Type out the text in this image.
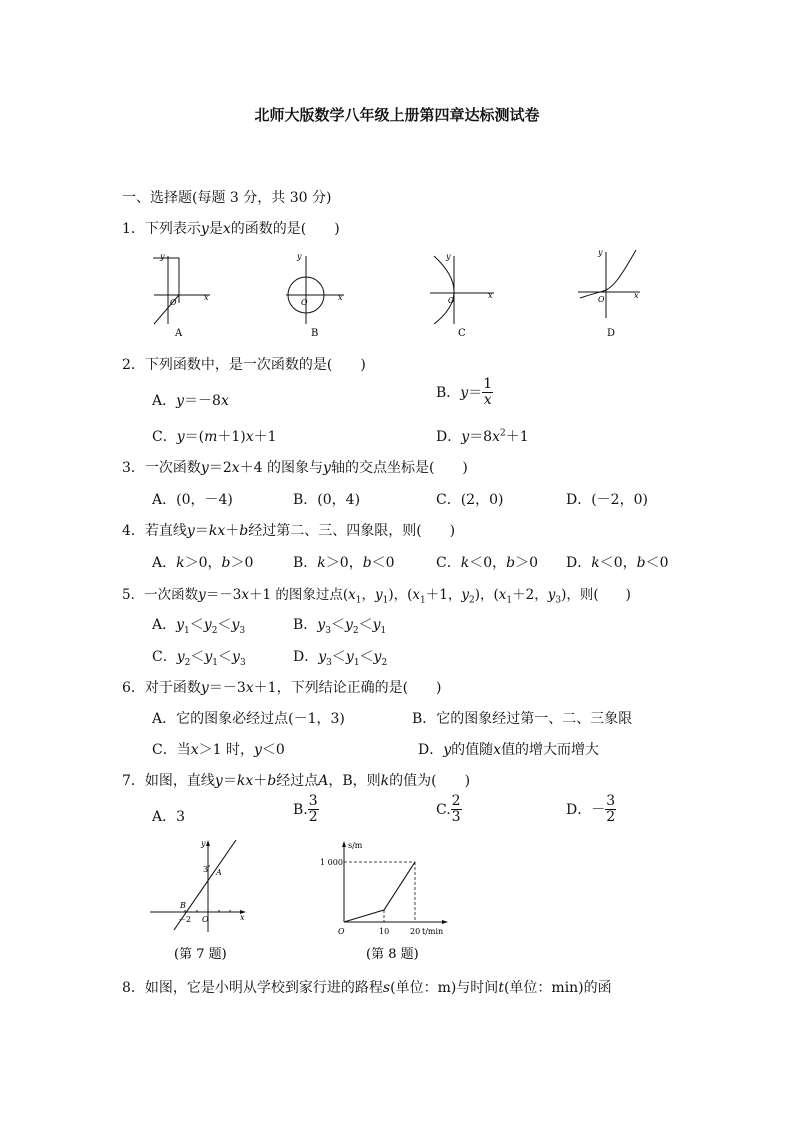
北师大版数学八年级上册第四章达标测试卷
一、选择题(每题 3 分，共 30 分)
1．下列表示y是x的函数的是(　　)
y
O
x
A
y
O
x
B
y
O
x
C
y
O	x
D
2．下列函数中，是一次函数的是(　　)
A．y＝－8x
B．$y= \frac{1}{x}$
C．y＝(m＋1)x＋1	D．$y=8x^2+1$
3．一次函数y＝2x＋4 的图象与y轴的交点坐标是(　　)
A．(0，－4)	B．(0，4)	C．(2，0)	D．(－2，0)
4．若直线y＝kx＋b经过第二、三、四象限，则(　　)
A．k＞0，b＞0	B．k＞0，b＜0	C．k＜0，b＞0 D．k＜0，b＜0
5．一次函数y＝－3x＋1 的图象过点($x_1$，$y_1$)，($x_1+1$，$y_2$)，($x_1+2$，$y_3$)，则(　　)
A．$y_1<y_2<y_3$	B．$y_3<y_2<y_1$
C．$y_2<y_1<y_3$	D．$y_3<y_1<y_2$
6．对于函数y＝－3x＋1，下列结论正确的是(　　)
A．它的图象必经过点(－1，3)	B．它的图象经过第一、二、三象限
C．当x＞1 时，y＜0	D．y的值随x值的增大而增大
7．如图，直线y＝kx＋b经过点A，B，则k的值为(　　)
A．3	B. $\frac{3}{2}$	C. $\frac{2}{3}$	D．－ $\frac{3}{2}$
y
x
O
A
B
3
－2
(第 7 题)
s/m
t/min
O
1 000
10	20
(第 8 题)
8．如图，它是小明从学校到家行进的路程s(单位：m)与时间t(单位：min)的函
